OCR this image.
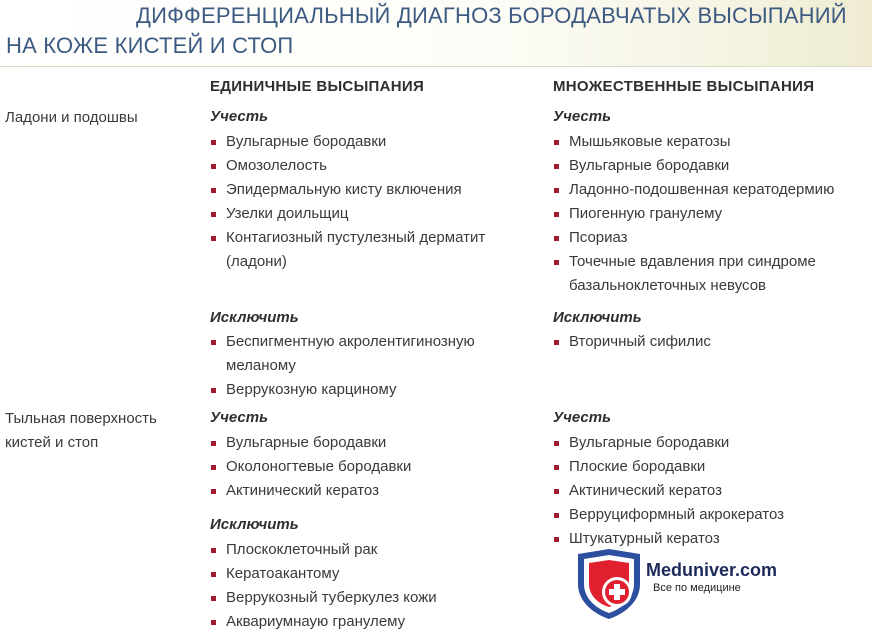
ДИФФЕРЕНЦИАЛЬНЫЙ ДИАГНОЗ БОРОДАВЧАТЫХ ВЫСЫПАНИЙ
НА КОЖЕ КИСТЕЙ И СТОП
ЕДИНИЧНЫЕ ВЫСЫПАНИЯ	МНОЖЕСТВЕННЫЕ ВЫСЫПАНИЯ
Ладони и подошвы	Учесть
Вульгарные бородавки
Омозолелость
Эпидермальную кисту включения
Узелки доильщиц
Контагиозный пустулезный дерматит (ладони)
Исключить
Беспигментную акролентигинозную меланому
Веррукозную карциному
Учесть
Мышьяковые кератозы
Вульгарные бородавки
Ладонно-подошвенная кератодермию
Пиогенную гранулему
Псориаз
Точечные вдавления при синдроме базальноклеточных невусов
Исключить
Вторичный сифилис
Тыльная поверхность кистей и стоп
Учесть
Вульгарные бородавки
Околоногтевые бородавки
Актинический кератоз
Исключить
Плоскоклеточный рак
Кератоакантому
Веррукозный туберкулез кожи
Аквариумнаую гранулему
Учесть
Вульгарные бородавки
Плоские бородавки
Актинический кератоз
Верруциформный акрокератоз
Штукатурный кератоз
Meduniver.com
Все по медицине
